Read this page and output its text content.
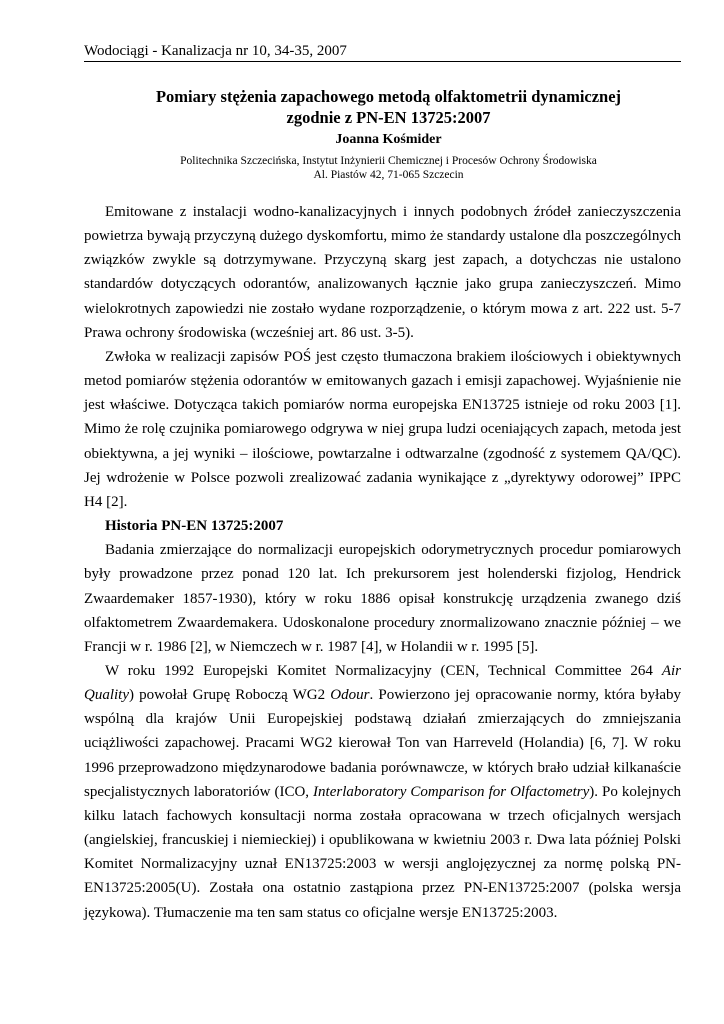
Wodociągi - Kanalizacja nr 10, 34-35, 2007
Pomiary stężenia zapachowego metodą olfaktometrii dynamicznej
zgodnie z PN-EN 13725:2007

Joanna Kośmider

Politechnika Szczecińska, Instytut Inżynierii Chemicznej i Procesów Ochrony Środowiska
Al. Piastów 42, 71-065 Szczecin

Emitowane z instalacji wodno-kanalizacyjnych i innych podobnych źródeł zanieczyszczenia powietrza bywają przyczyną dużego dyskomfortu, mimo że standardy ustalone dla poszczególnych związków zwykle są dotrzymywane. Przyczyną skarg jest zapach, a dotychczas nie ustalono standardów dotyczących odorantów, analizowanych łącznie jako grupa zanieczyszczeń. Mimo wielokrotnych zapowiedzi nie zostało wydane rozporządzenie, o którym mowa z art. 222 ust. 5-7 Prawa ochrony środowiska (wcześniej art. 86 ust. 3-5).

Zwłoka w realizacji zapisów POŚ jest często tłumaczona brakiem ilościowych i obiektywnych metod pomiarów stężenia odorantów w emitowanych gazach i emisji zapachowej. Wyjaśnienie nie jest właściwe. Dotycząca takich pomiarów norma europejska EN13725 istnieje od roku 2003 [1]. Mimo że rolę czujnika pomiarowego odgrywa w niej grupa ludzi oceniających zapach, metoda jest obiektywna, a jej wyniki – ilościowe, powtarzalne i odtwarzalne (zgodność z systemem QA/QC). Jej wdrożenie w Polsce pozwoli zrealizować zadania wynikające z „dyrektywy odorowej” IPPC H4 [2].

Historia PN-EN 13725:2007

Badania zmierzające do normalizacji europejskich odorymetrycznych procedur pomiarowych były prowadzone przez ponad 120 lat. Ich prekursorem jest holenderski fizjolog, Hendrick Zwaardemaker 1857-1930), który w roku 1886 opisał konstrukcję urządzenia zwanego dziś olfaktometrem Zwaardemakera. Udoskonalone procedury znormalizowano znacznie później – we Francji w r. 1986 [2], w Niemczech w r. 1987 [4], w Holandii w r. 1995 [5].

W roku 1992 Europejski Komitet Normalizacyjny (CEN, Technical Committee 264 Air Quality) powołał Grupę Roboczą WG2 Odour. Powierzono jej opracowanie normy, która byłaby wspólną dla krajów Unii Europejskiej podstawą działań zmierzających do zmniejszania uciążliwości zapachowej. Pracami WG2 kierował Ton van Harreveld (Holandia) [6, 7]. W roku 1996 przeprowadzono międzynarodowe badania porównawcze, w których brało udział kilkanaście specjalistycznych laboratoriów (ICO, Interlaboratory Comparison for Olfactometry). Po kolejnych kilku latach fachowych konsultacji norma została opracowana w trzech oficjalnych wersjach (angielskiej, francuskiej i niemieckiej) i opublikowana w kwietniu 2003 r. Dwa lata później Polski Komitet Normalizacyjny uznał EN13725:2003 w wersji anglojęzycznej za normę polską PN-EN13725:2005(U). Została ona ostatnio zastąpiona przez PN-EN13725:2007 (polska wersja językowa). Tłumaczenie ma ten sam status co oficjalne wersje EN13725:2003.
